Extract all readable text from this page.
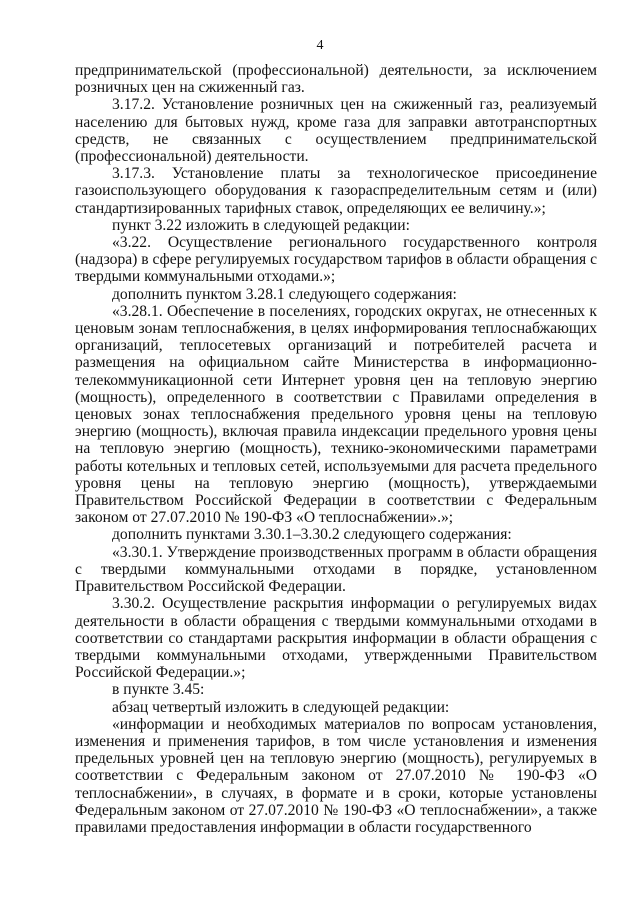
4

предпринимательской (профессиональной) деятельности, за исключением розничных цен на сжиженный газ.

3.17.2. Установление розничных цен на сжиженный газ, реализуемый населению для бытовых нужд, кроме газа для заправки автотранспортных средств, не связанных с осуществлением предпринимательской (профессиональной) деятельности.

3.17.3. Установление платы за технологическое присоединение газоиспользующего оборудования к газораспределительным сетям и (или) стандартизированных тарифных ставок, определяющих ее величину.»;

пункт 3.22 изложить в следующей редакции:

«3.22. Осуществление регионального государственного контроля (надзора) в сфере регулируемых государством тарифов в области обращения с твердыми коммунальными отходами.»;

дополнить пунктом 3.28.1 следующего содержания:

«3.28.1. Обеспечение в поселениях, городских округах, не отнесенных к ценовым зонам теплоснабжения, в целях информирования теплоснабжающих организаций, теплосетевых организаций и потребителей расчета и размещения на официальном сайте Министерства в информационно-телекоммуникационной сети Интернет уровня цен на тепловую энергию (мощность), определенного в соответствии с Правилами определения в ценовых зонах теплоснабжения предельного уровня цены на тепловую энергию (мощность), включая правила индексации предельного уровня цены на тепловую энергию (мощность), технико-экономическими параметрами работы котельных и тепловых сетей, используемыми для расчета предельного уровня цены на тепловую энергию (мощность), утверждаемыми Правительством Российской Федерации в соответствии с Федеральным законом от 27.07.2010 № 190-ФЗ «О теплоснабжении».»;

дополнить пунктами 3.30.1–3.30.2 следующего содержания:

«3.30.1. Утверждение производственных программ в области обращения с твердыми коммунальными отходами в порядке, установленном Правительством Российской Федерации.

3.30.2. Осуществление раскрытия информации о регулируемых видах деятельности в области обращения с твердыми коммунальными отходами в соответствии со стандартами раскрытия информации в области обращения с твердыми коммунальными отходами, утвержденными Правительством Российской Федерации.»;

в пункте 3.45:

абзац четвертый изложить в следующей редакции:

«информации и необходимых материалов по вопросам установления, изменения и применения тарифов, в том числе установления и изменения предельных уровней цен на тепловую энергию (мощность), регулируемых в соответствии с Федеральным законом от 27.07.2010 № 190-ФЗ «О теплоснабжении», в случаях, в формате и в сроки, которые установлены Федеральным законом от 27.07.2010 № 190-ФЗ «О теплоснабжении», а также правилами предоставления информации в области государственного
